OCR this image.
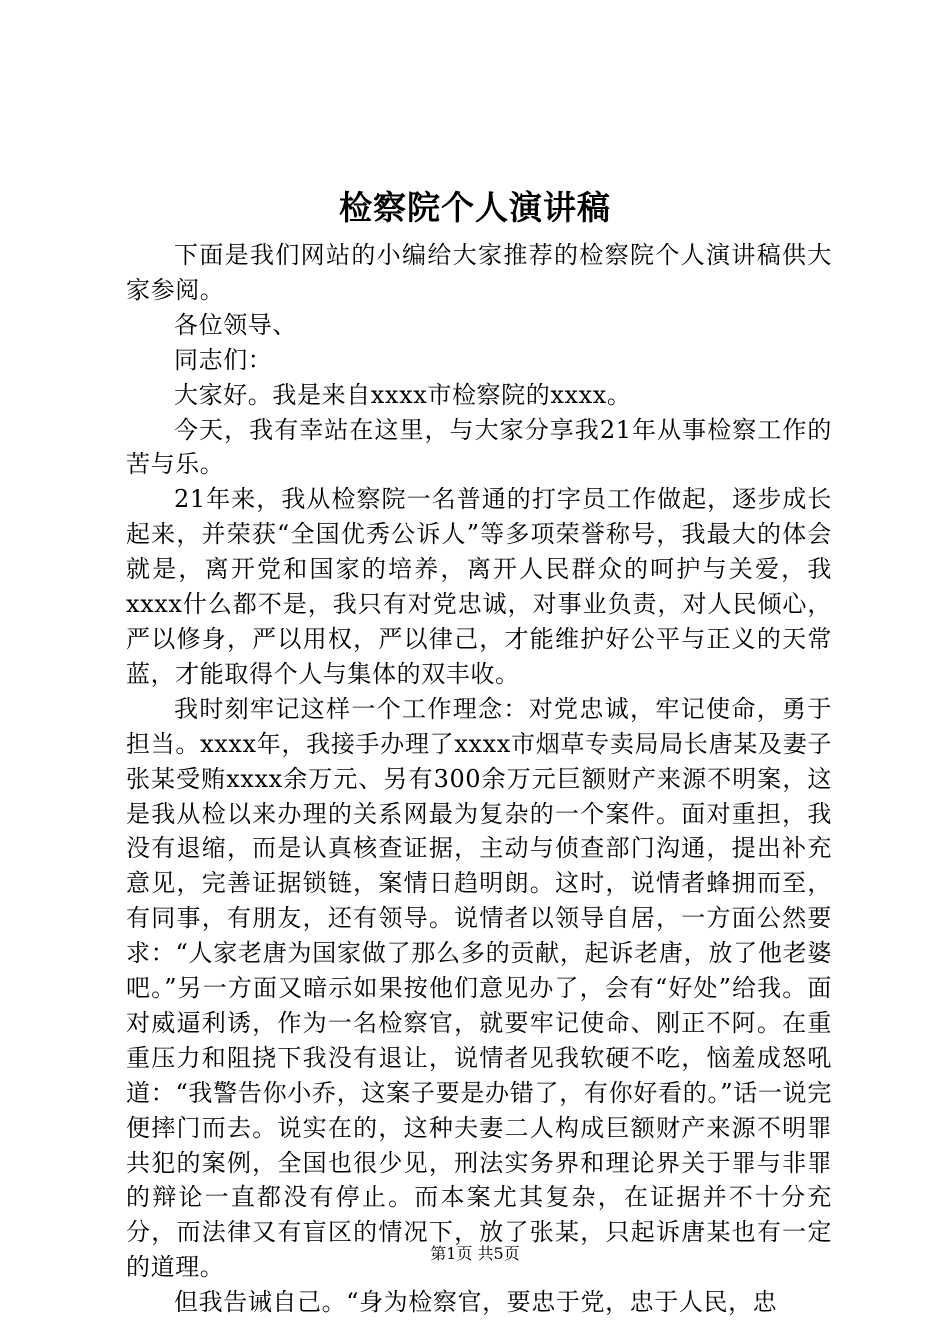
检察院个人演讲稿

下面是我们网站的小编给大家推荐的检察院个人演讲稿供大家参阅。

各位领导、

同志们：

大家好。我是来自xxxx市检察院的xxxx。

今天，我有幸站在这里，与大家分享我21年从事检察工作的苦与乐。

21年来，我从检察院一名普通的打字员工作做起，逐步成长起来，并荣获“全国优秀公诉人”等多项荣誉称号，我最大的体会就是，离开党和国家的培养，离开人民群众的呵护与关爱，我xxxx什么都不是，我只有对党忠诚，对事业负责，对人民倾心，严以修身，严以用权，严以律己，才能维护好公平与正义的天常蓝，才能取得个人与集体的双丰收。

我时刻牢记这样一个工作理念：对党忠诚，牢记使命，勇于担当。xxxx年，我接手办理了xxxx市烟草专卖局局长唐某及妻子张某受贿xxxx余万元、另有300余万元巨额财产来源不明案，这是我从检以来办理的关系网最为复杂的一个案件。面对重担，我没有退缩，而是认真核查证据，主动与侦查部门沟通，提出补充意见，完善证据锁链，案情日趋明朗。这时，说情者蜂拥而至，有同事，有朋友，还有领导。说情者以领导自居，一方面公然要求：“人家老唐为国家做了那么多的贡献，起诉老唐，放了他老婆吧。”另一方面又暗示如果按他们意见办了，会有“好处”给我。面对威逼利诱，作为一名检察官，就要牢记使命、刚正不阿。在重重压力和阻挠下我没有退让，说情者见我软硬不吃，恼羞成怒吼道：“我警告你小乔，这案子要是办错了，有你好看的。”话一说完便摔门而去。说实在的，这种夫妻二人构成巨额财产来源不明罪共犯的案例，全国也很少见，刑法实务界和理论界关于罪与非罪的辩论一直都没有停止。而本案尤其复杂，在证据并不十分充分，而法律又有盲区的情况下，放了张某，只起诉唐某也有一定的道理。

但我告诫自己。“身为检察官，要忠于党，忠于人民，忠

第1页 共5页
